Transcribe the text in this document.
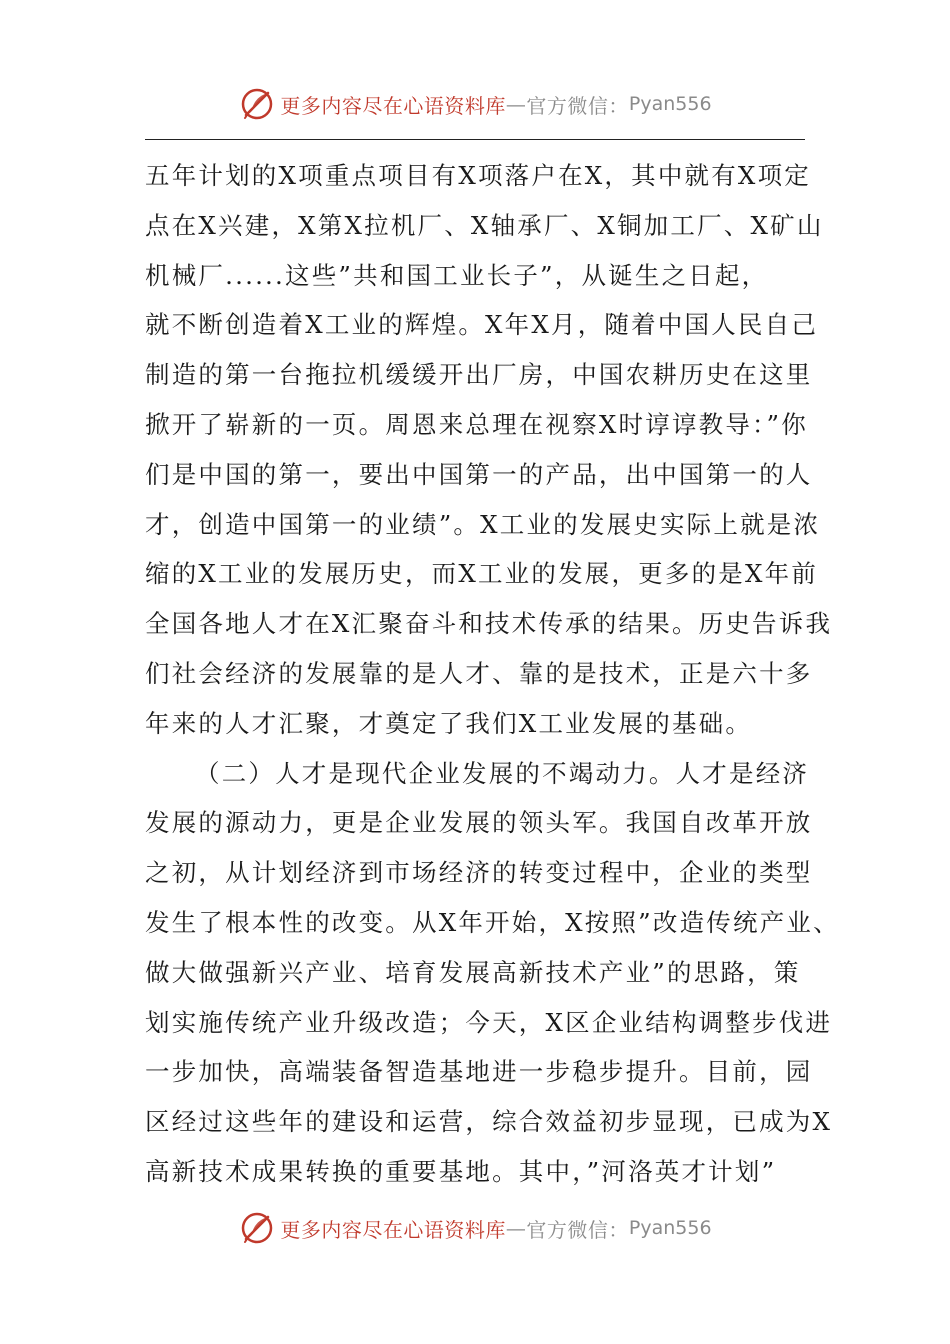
更多内容尽在心语资料库 — 官方微信： Pyan556
五年计划的X项重点项目有X项落户在X，其中就有X项定
点在X兴建，X第X拉机厂、X轴承厂、X铜加工厂、X矿山
机械厂......这些”共和国工业长子”，从诞生之日起，
就不断创造着X工业的辉煌。X年X月，随着中国人民自己
制造的第一台拖拉机缓缓开出厂房，中国农耕历史在这里
掀开了崭新的一页。周恩来总理在视察X时谆谆教导：”你
们是中国的第一，要出中国第一的产品，出中国第一的人
才，创造中国第一的业绩”。X工业的发展史实际上就是浓
缩的X工业的发展历史，而X工业的发展，更多的是X年前
全国各地人才在X汇聚奋斗和技术传承的结果。历史告诉我
们社会经济的发展靠的是人才、靠的是技术，正是六十多
年来的人才汇聚，才奠定了我们X工业发展的基础。
（二）人才是现代企业发展的不竭动力。人才是经济
发展的源动力，更是企业发展的领头军。我国自改革开放
之初，从计划经济到市场经济的转变过程中，企业的类型
发生了根本性的改变。从X年开始，X按照”改造传统产业、
做大做强新兴产业、培育发展高新技术产业”的思路，策
划实施传统产业升级改造；今天，X区企业结构调整步伐进
一步加快，高端装备智造基地进一步稳步提升。目前，园
区经过这些年的建设和运营，综合效益初步显现，已成为X
高新技术成果转换的重要基地。其中，”河洛英才计划”
更多内容尽在心语资料库 — 官方微信： Pyan556
